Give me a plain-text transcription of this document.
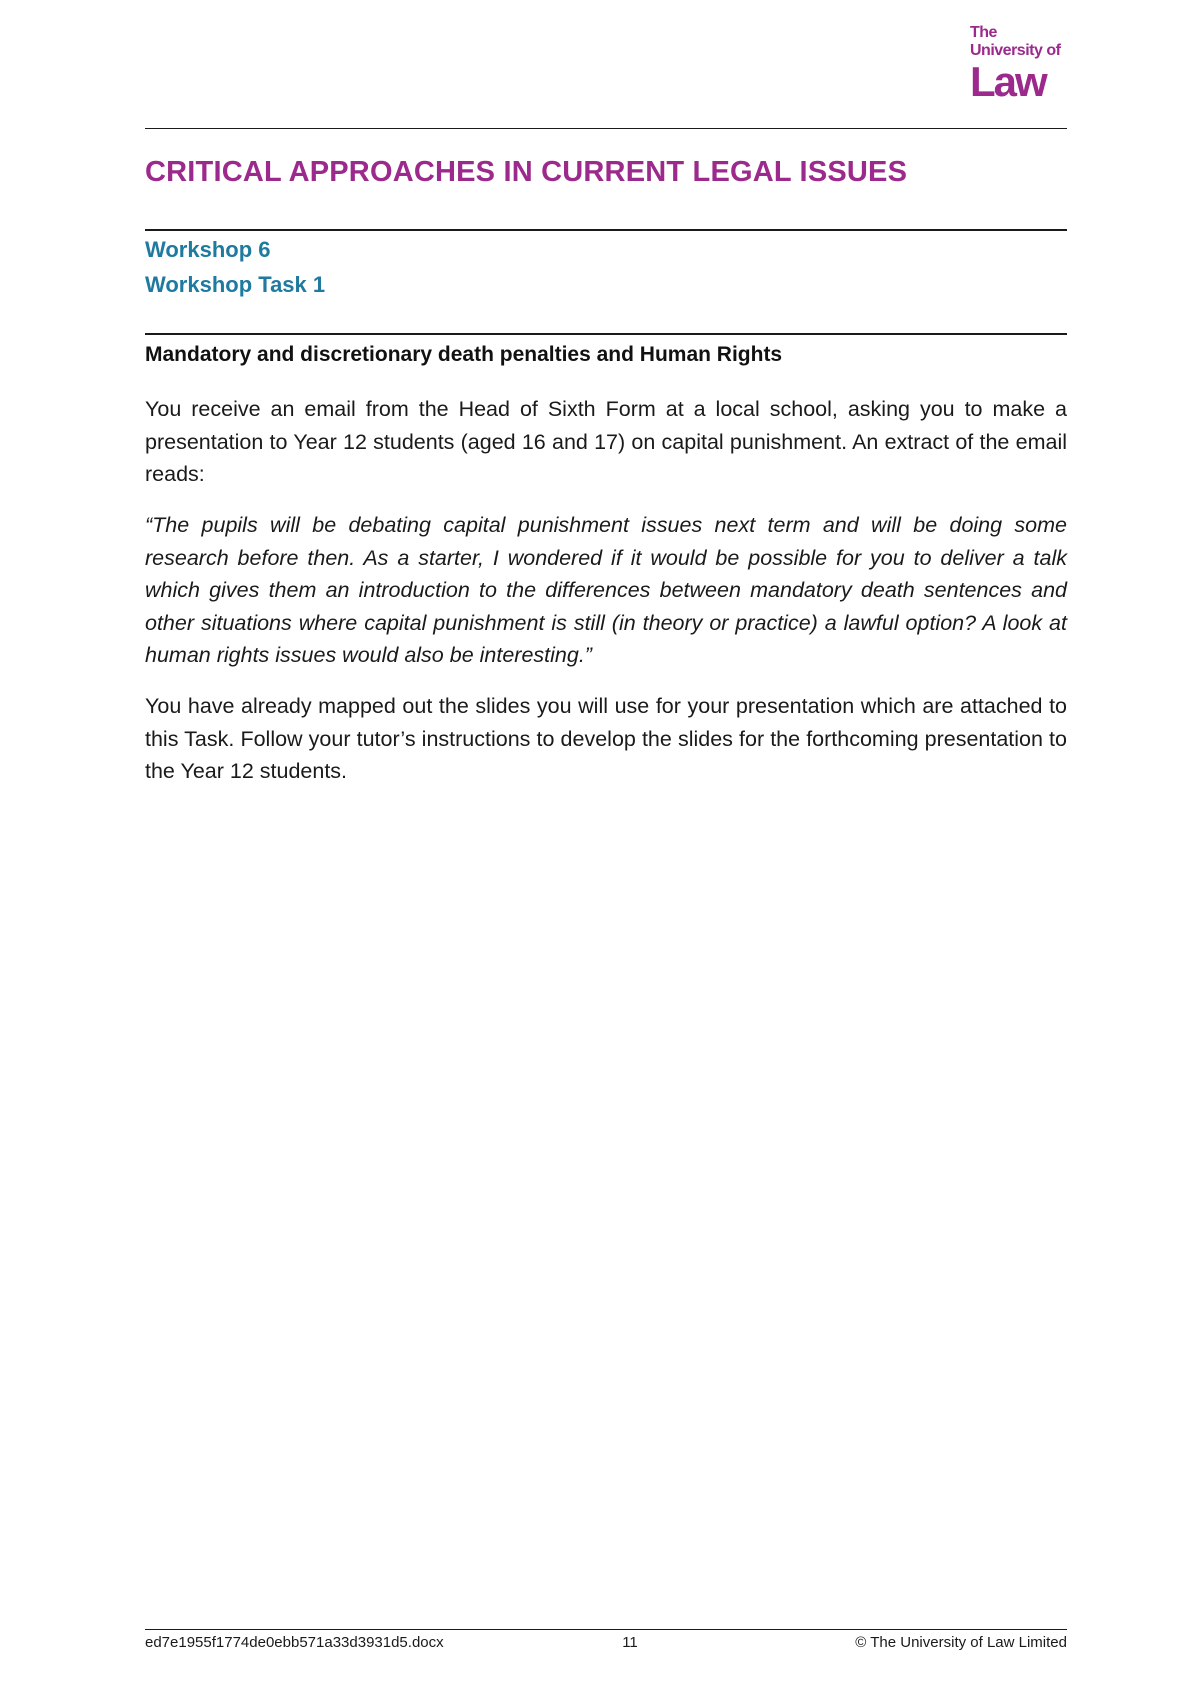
The
University of
Law
CRITICAL APPROACHES IN CURRENT LEGAL ISSUES

Workshop 6

Workshop Task 1

Mandatory and discretionary death penalties and Human Rights

You receive an email from the Head of Sixth Form at a local school, asking you to make a presentation to Year 12 students (aged 16 and 17) on capital punishment. An extract of the email reads:

“The pupils will be debating capital punishment issues next term and will be doing some research before then. As a starter, I wondered if it would be possible for you to deliver a talk which gives them an introduction to the differences between mandatory death sentences and other situations where capital punishment is still (in theory or practice) a lawful option? A look at human rights issues would also be interesting.”

You have already mapped out the slides you will use for your presentation which are attached to this Task. Follow your tutor’s instructions to develop the slides for the forthcoming presentation to the Year 12 students.

ed7e1955f1774de0ebb571a33d3931d5.docx	11	© The University of Law Limited
